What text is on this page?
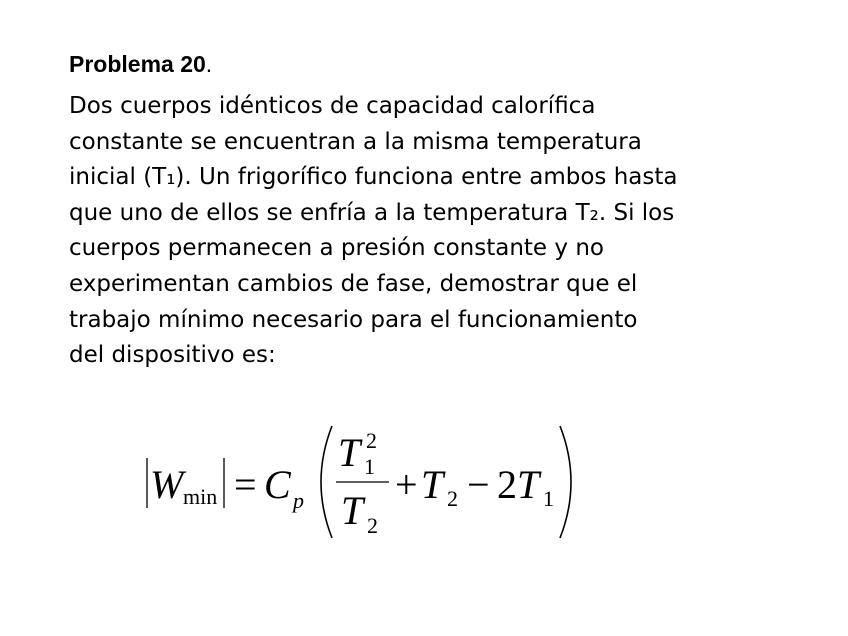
Problema 20.
Dos cuerpos idénticos de capacidad calorífica
constante se encuentran a la misma temperatura
inicial (T₁). Un frigorífico funciona entre ambos hasta
que uno de ellos se enfría a la temperatura T₂. Si los
cuerpos permanecen a presión constante y no
experimentan cambios de fase, demostrar que el
trabajo mínimo necesario para el funcionamiento
del dispositivo es:
W min = C p
T 1
2
T 2
+ T 2 − 2 T 1
